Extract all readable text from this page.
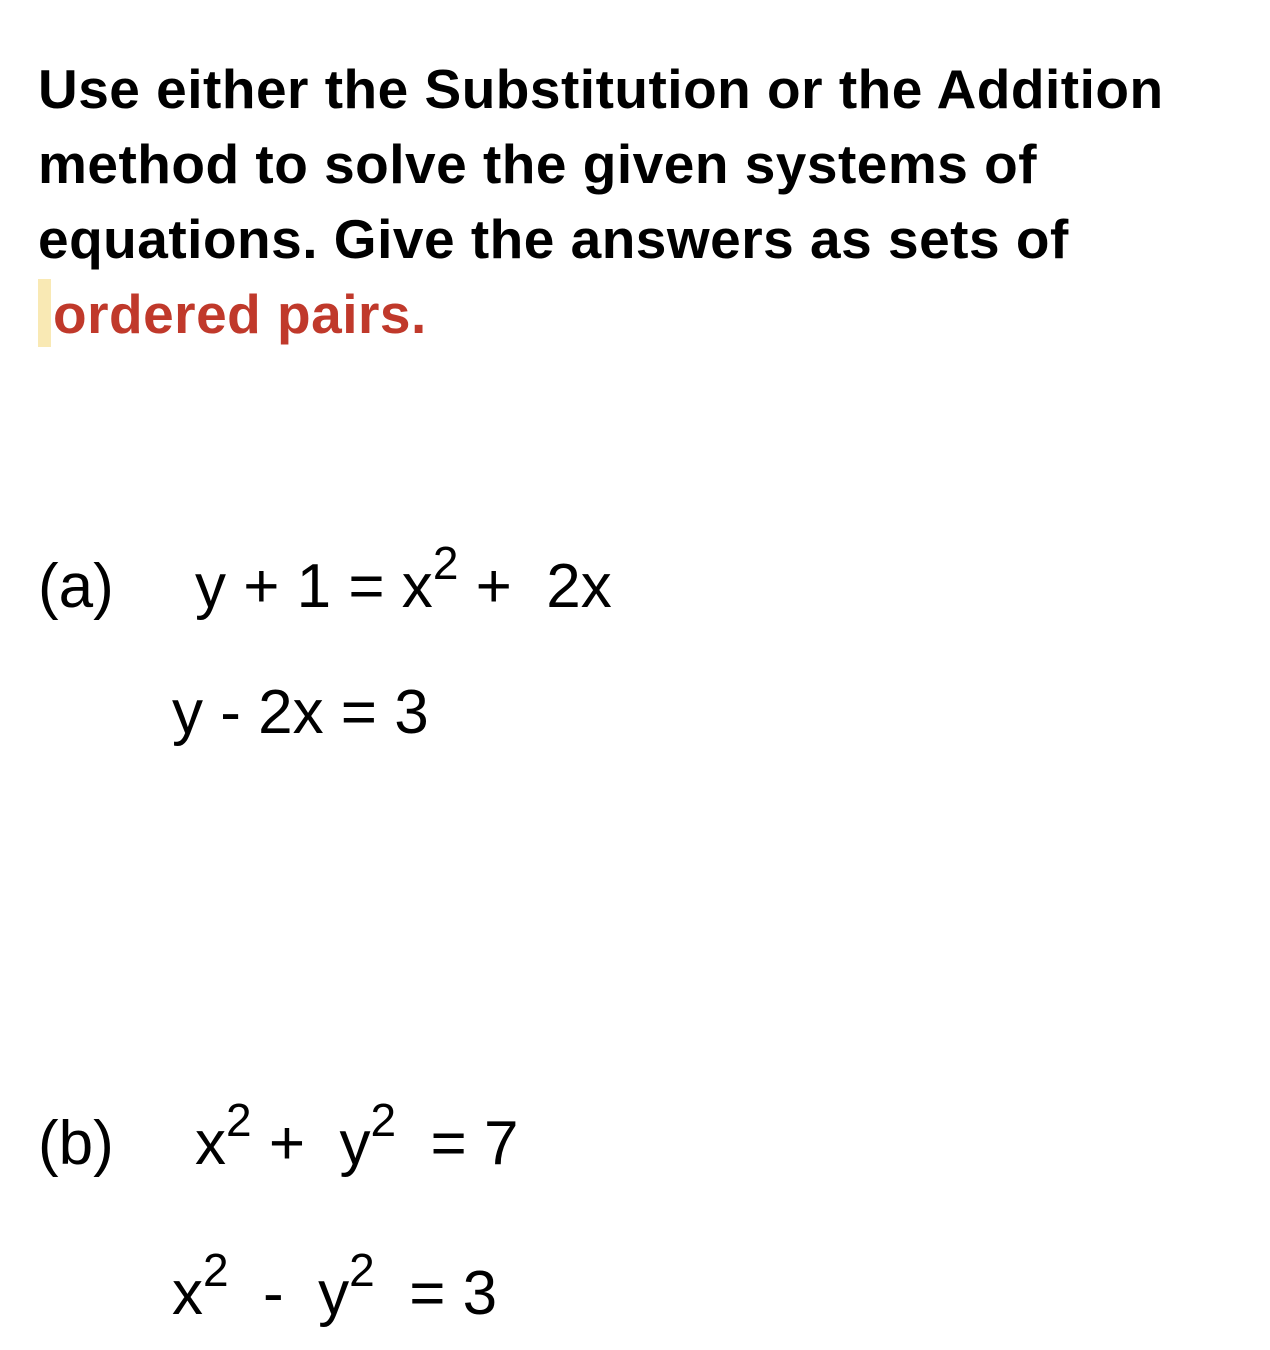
Use either the Substitution or the Addition
method to solve the given systems of
equations. Give the answers as sets of
ordered pairs.
(a) $y + 1 = x^2 + 2x$
y - 2x = 3
(b) $x^2 + y^2 = 7$
$x^2 - y^2 = 3$
